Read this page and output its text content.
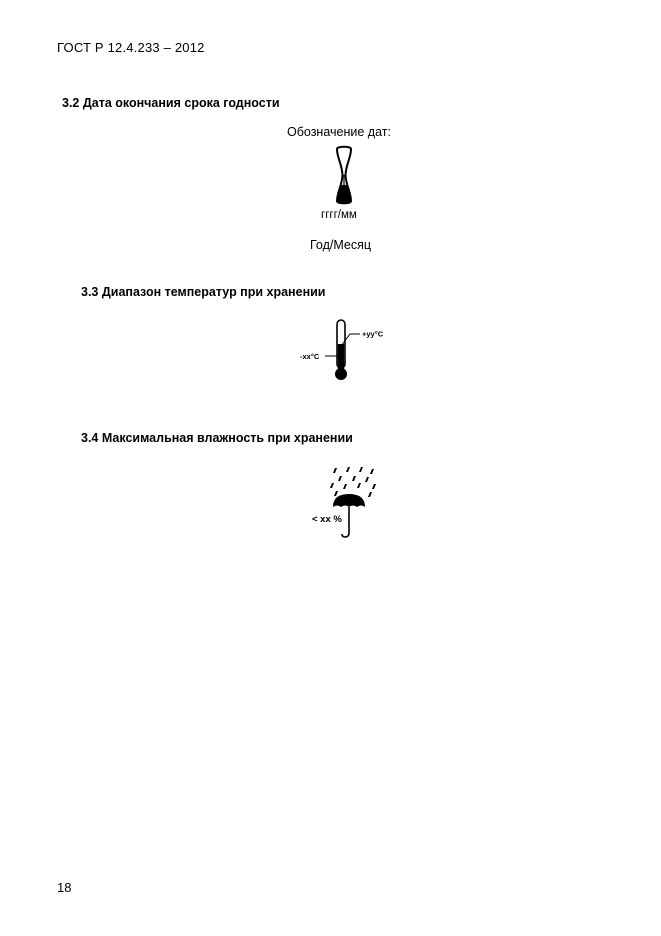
ГОСТ Р 12.4.233 – 2012
3.2 Дата окончания срока годности
Обозначение дат:
гггг/мм
Год/Месяц
3.3 Диапазон температур при хранении
+yy°C
-xx°C
3.4 Максимальная влажность при хранении
< xx %
18
